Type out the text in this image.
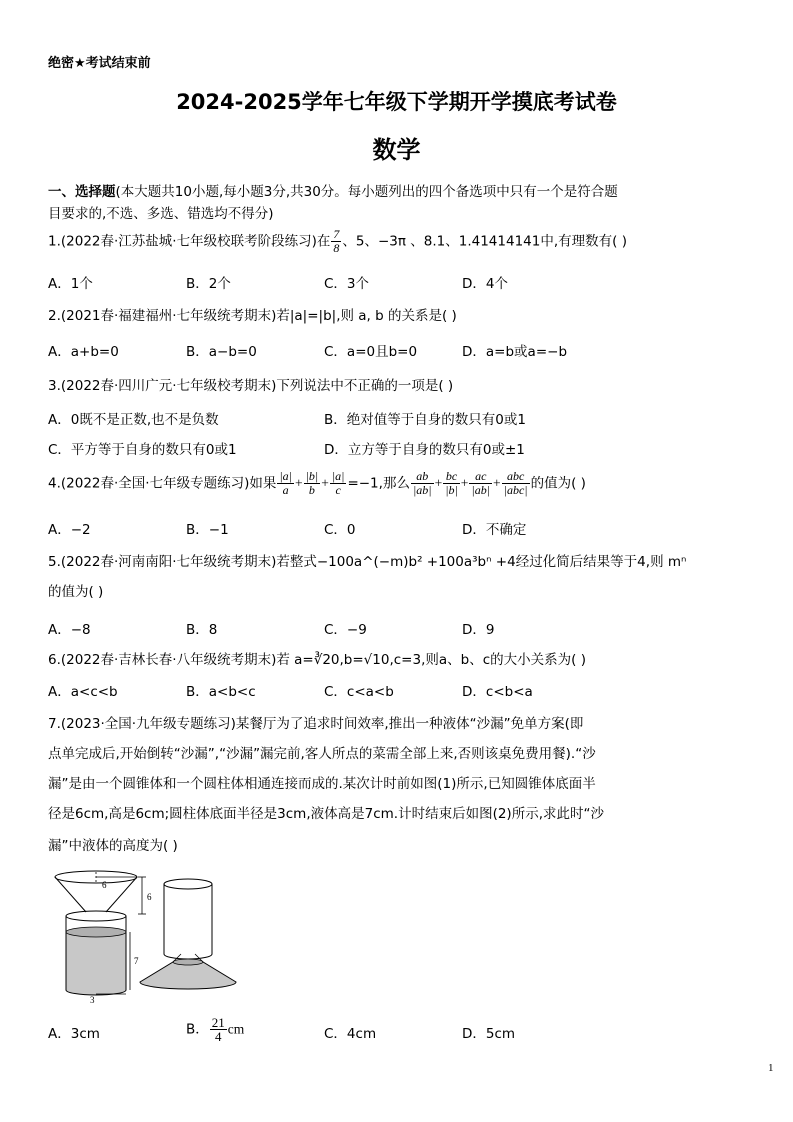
绝密★考试结束前
2024-2025学年七年级下学期开学摸底考试卷
数学
一、选择题(本大题共10小题,每小题3分,共30分。每小题列出的四个备选项中只有一个是符合题
目要求的,不选、多选、错选均不得分)
1.(2022春·江苏盐城·七年级校联考阶段练习)在 $\frac{7}{8}$ 、5、−3π 、8.1、1.41414141中,有理数有( )
A．1个	B．2个	C．3个	D．4个
2.(2021春·福建福州·七年级统考期末)若|a|=|b|,则 a, b 的关系是( )
A．a+b=0	B．a−b=0	C．a=0且b=0	D．a=b或a=−b
3.(2022春·四川广元·七年级校考期末)下列说法中不正确的一项是( )
A．0既不是正数,也不是负数	B．绝对值等于自身的数只有0或1
C．平方等于自身的数只有0或1	D．立方等于自身的数只有0或±1
4.(2022春·全国·七年级专题练习)如果 $\frac{|a|}{a} + \frac{|b|}{b} + \frac{|a|}{c} =-1$,那么 $\frac{ab}{|ab|} + \frac{bc}{|b|} + \frac{ac}{|ab|} + \frac{\text{abc}}{\text{|abc|}}$ 的值为( )
A．−2	B．−1	C．0	D．不确定
5.(2022春·河南南阳·七年级统考期末)若整式−100a^(−m)b² +100a³bⁿ +4经过化简后结果等于4,则 mⁿ
的值为( )
A．−8	B．8	C．−9	D．9
6.(2022春·吉林长春·八年级统考期末)若 a=∛20,b=√10,c=3,则a、b、c的大小关系为( )
A．a<c<b	B．a<b<c	C．c<a<b	D．c<b<a
7.(2023·全国·九年级专题练习)某餐厅为了追求时间效率,推出一种液体“沙漏”免单方案(即
点单完成后,开始倒转“沙漏”,“沙漏”漏完前,客人所点的菜需全部上来,否则该桌免费用餐).“沙
漏”是由一个圆锥体和一个圆柱体相通连接而成的.某次计时前如图(1)所示,已知圆锥体底面半
径是6cm,高是6cm;圆柱体底面半径是3cm,液体高是7cm.计时结束后如图(2)所示,求此时“沙
漏”中液体的高度为( )
6
6
7
3
A．3cm	B． $\frac{21}{4}$ cm	C．4cm	D．5cm
1
